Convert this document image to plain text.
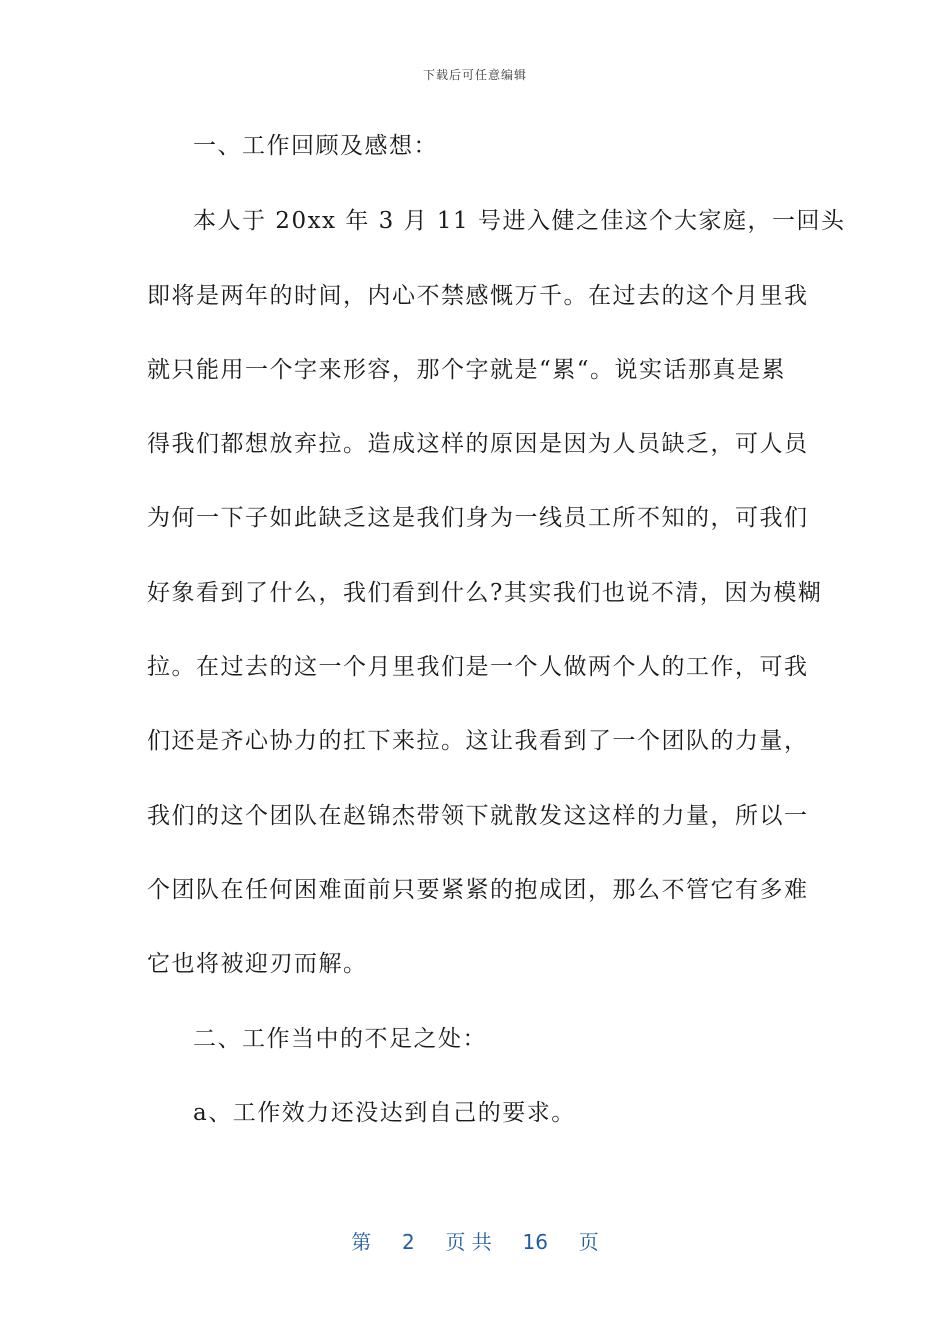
下载后可任意编辑
一、工作回顾及感想：
本人于 20xx 年 3 月 11 号进入健之佳这个大家庭，一回头
即将是两年的时间，内心不禁感慨万千。在过去的这个月里我
就只能用一个字来形容，那个字就是“累“。说实话那真是累
得我们都想放弃拉。造成这样的原因是因为人员缺乏，可人员
为何一下子如此缺乏这是我们身为一线员工所不知的，可我们
好象看到了什么，我们看到什么?其实我们也说不清，因为模糊
拉。在过去的这一个月里我们是一个人做两个人的工作，可我
们还是齐心协力的扛下来拉。这让我看到了一个团队的力量，
我们的这个团队在赵锦杰带领下就散发这这样的力量，所以一
个团队在任何困难面前只要紧紧的抱成团，那么不管它有多难
它也将被迎刃而解。
二、工作当中的不足之处：
a、工作效力还没达到自己的要求。
第 2 页 共 16 页
